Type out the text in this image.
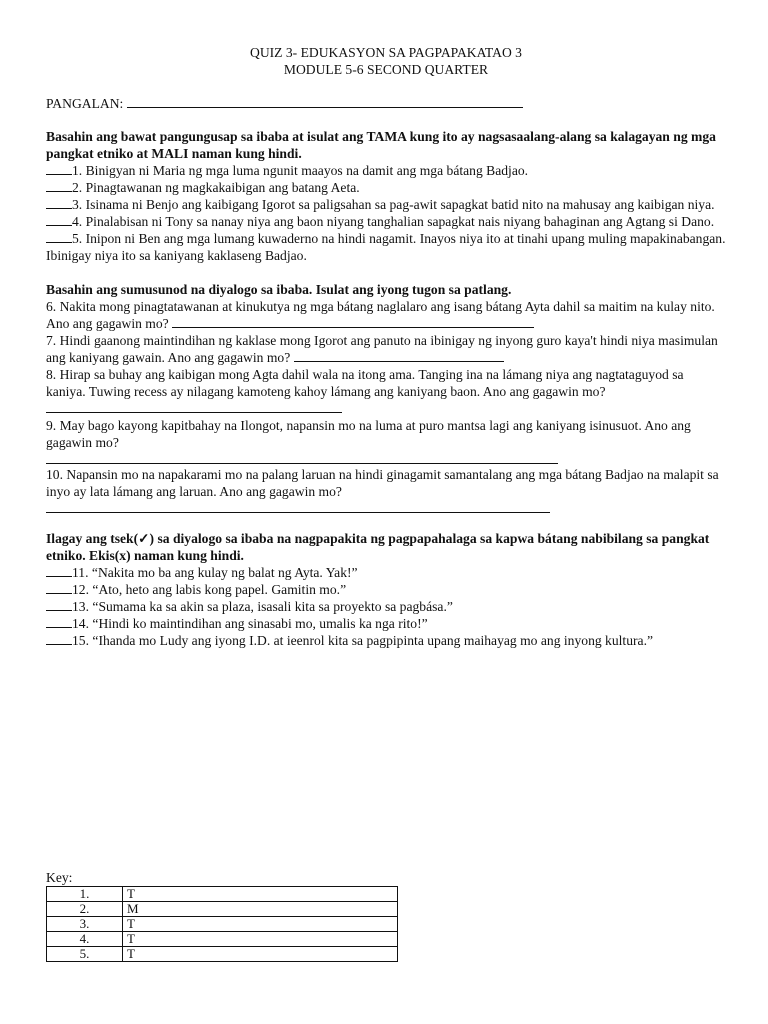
QUIZ 3- EDUKASYON SA PAGPAPAKATAO 3
MODULE 5-6 SECOND QUARTER
PANGALAN:
Basahin ang bawat pangungusap sa ibaba at isulat ang TAMA kung ito ay nagsasaalang-alang sa kalagayan ng mga pangkat etniko at MALI naman kung hindi.
1. Binigyan ni Maria ng mga luma ngunit maayos na damit ang mga bátang Badjao.
2. Pinagtawanan ng magkakaibigan ang batang Aeta.
3. Isinama ni Benjo ang kaibigang Igorot sa paligsahan sa pag-awit sapagkat batid nito na mahusay ang kaibigan niya.
4. Pinalabisan ni Tony sa nanay niya ang baon niyang tanghalian sapagkat nais niyang bahaginan ang Agtang si Dano.
5. Inipon ni Ben ang mga lumang kuwaderno na hindi nagamit. Inayos niya ito at tinahi upang muling mapakinabangan. Ibinigay niya ito sa kaniyang kaklaseng Badjao.
Basahin ang sumusunod na diyalogo sa ibaba. Isulat ang iyong tugon sa patlang.
6. Nakita mong pinagtatawanan at kinukutya ng mga bátang naglalaro ang isang bátang Ayta dahil sa maitim na kulay nito. Ano ang gagawin mo?
7. Hindi gaanong maintindihan ng kaklase mong Igorot ang panuto na ibinigay ng inyong guro kaya't hindi niya masimulan ang kaniyang gawain. Ano ang gagawin mo?
8. Hirap sa buhay ang kaibigan mong Agta dahil wala na itong ama. Tanging ina na lámang niya ang nagtataguyod sa kaniya. Tuwing recess ay nilagang kamoteng kahoy lámang ang kaniyang baon. Ano ang gagawin mo?
9. May bago kayong kapitbahay na Ilongot, napansin mo na luma at puro mantsa lagi ang kaniyang isinusuot. Ano ang gagawin mo?
10. Napansin mo na napakarami mo na palang laruan na hindi ginagamit samantalang ang mga bátang Badjao na malapit sa inyo ay lata lámang ang laruan. Ano ang gagawin mo?
Ilagay ang tsek(✓) sa diyalogo sa ibaba na nagpapakita ng pagpapahalaga sa kapwa bátang nabibilang sa pangkat etniko. Ekis(x) naman kung hindi.
11. “Nakita mo ba ang kulay ng balat ng Ayta. Yak!”
12. “Ato, heto ang labis kong papel. Gamitin mo.”
13. “Sumama ka sa akin sa plaza, isasali kita sa proyekto sa pagbása.”
14. “Hindi ko maintindihan ang sinasabi mo, umalis ka nga rito!”
15. “Ihanda mo Ludy ang iyong I.D. at ieenrol kita sa pagpipinta upang maihayag mo ang inyong kultura.”
Key:
1.	T
2.	M
3.	T
4.	T
5.	T
